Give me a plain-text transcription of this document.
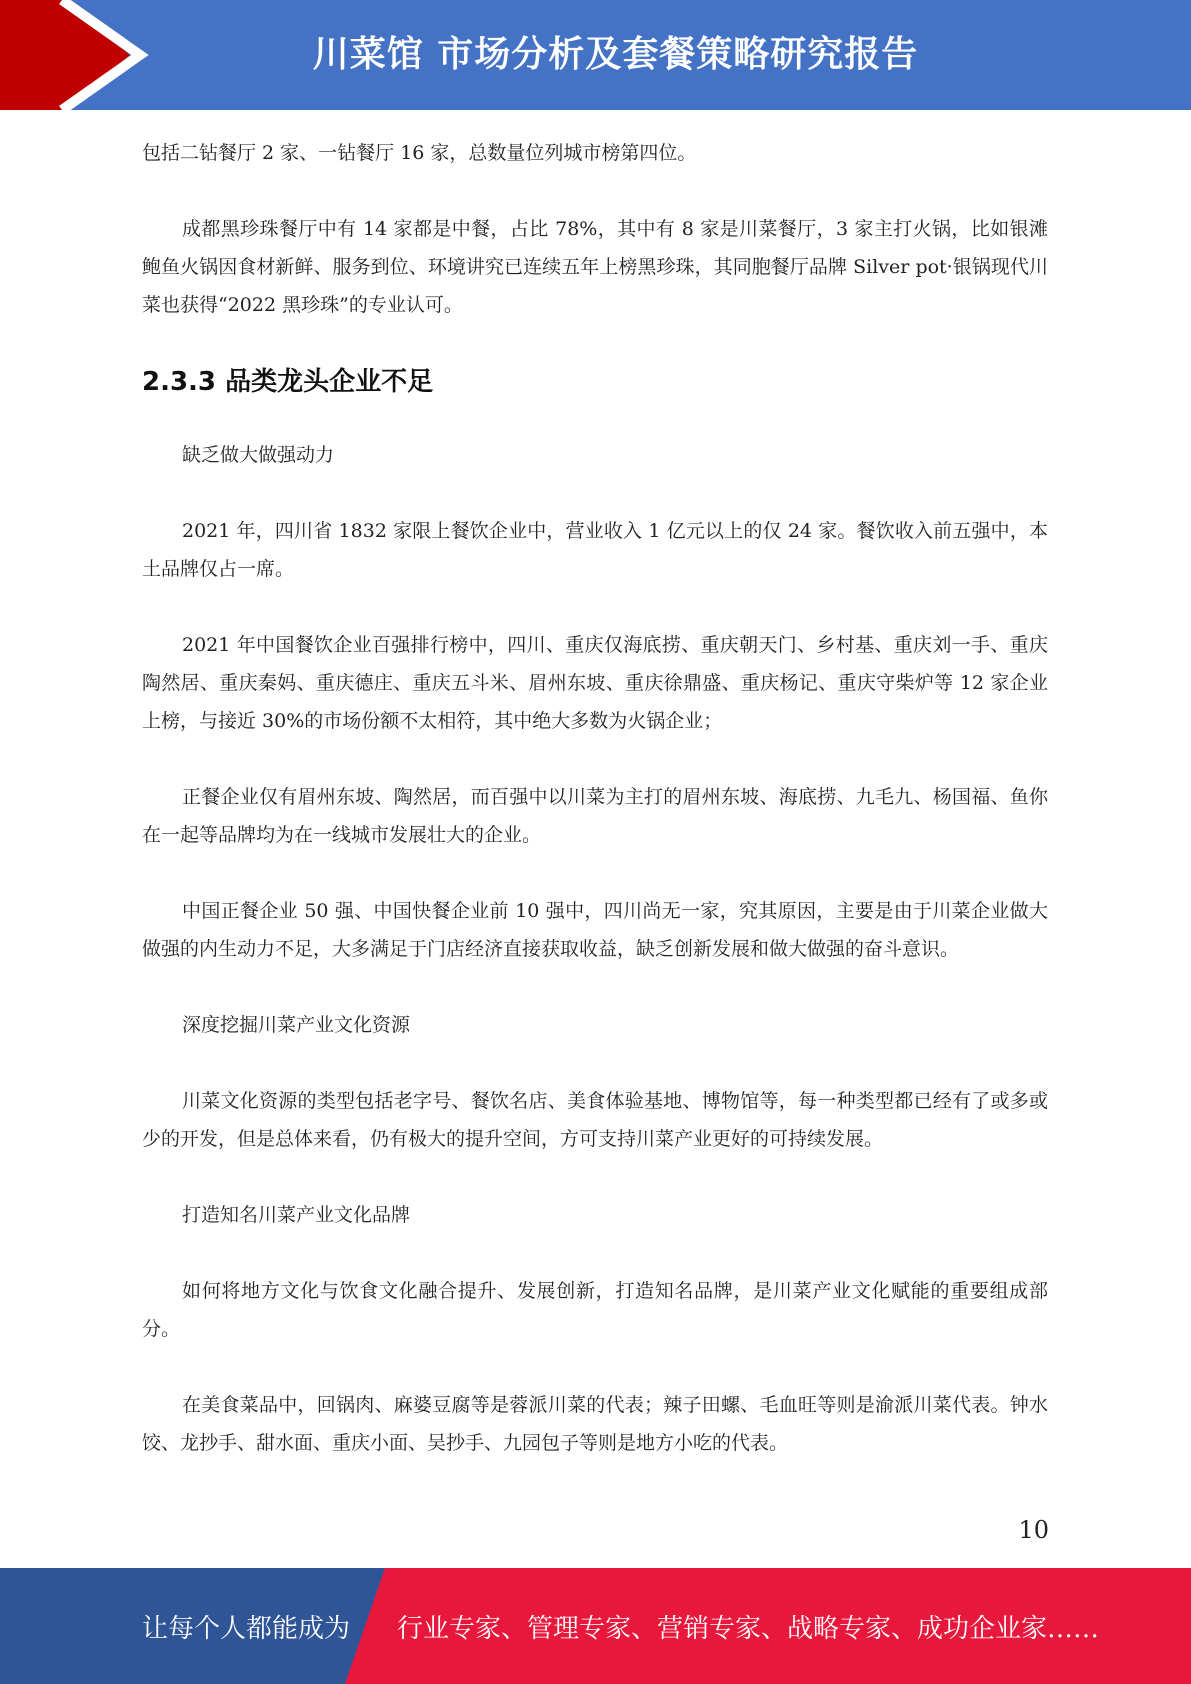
川菜馆 市场分析及套餐策略研究报告

包括二钻餐厅 2 家、一钻餐厅 16 家，总数量位列城市榜第四位。

成都黑珍珠餐厅中有 14 家都是中餐，占比 78%，其中有 8 家是川菜餐厅，3 家主打火锅，比如银滩鲍鱼火锅因食材新鲜、服务到位、环境讲究已连续五年上榜黑珍珠，其同胞餐厅品牌 Silver pot·银锅现代川菜也获得“2022 黑珍珠”的专业认可。

2.3.3 品类龙头企业不足

缺乏做大做强动力

2021 年，四川省 1832 家限上餐饮企业中，营业收入 1 亿元以上的仅 24 家。餐饮收入前五强中，本土品牌仅占一席。

2021 年中国餐饮企业百强排行榜中，四川、重庆仅海底捞、重庆朝天门、乡村基、重庆刘一手、重庆陶然居、重庆秦妈、重庆德庄、重庆五斗米、眉州东坡、重庆徐鼎盛、重庆杨记、重庆守柴炉等 12 家企业上榜，与接近 30%的市场份额不太相符，其中绝大多数为火锅企业；

正餐企业仅有眉州东坡、陶然居，而百强中以川菜为主打的眉州东坡、海底捞、九毛九、杨国福、鱼你在一起等品牌均为在一线城市发展壮大的企业。

中国正餐企业 50 强、中国快餐企业前 10 强中，四川尚无一家，究其原因，主要是由于川菜企业做大做强的内生动力不足，大多满足于门店经济直接获取收益，缺乏创新发展和做大做强的奋斗意识。

深度挖掘川菜产业文化资源

川菜文化资源的类型包括老字号、餐饮名店、美食体验基地、博物馆等，每一种类型都已经有了或多或少的开发，但是总体来看，仍有极大的提升空间，方可支持川菜产业更好的可持续发展。

打造知名川菜产业文化品牌

如何将地方文化与饮食文化融合提升、发展创新，打造知名品牌，是川菜产业文化赋能的重要组成部分。

在美食菜品中，回锅肉、麻婆豆腐等是蓉派川菜的代表；辣子田螺、毛血旺等则是渝派川菜代表。钟水饺、龙抄手、甜水面、重庆小面、吴抄手、九园包子等则是地方小吃的代表。

10
让每个人都能成为 行业专家、管理专家、营销专家、战略专家、成功企业家……
